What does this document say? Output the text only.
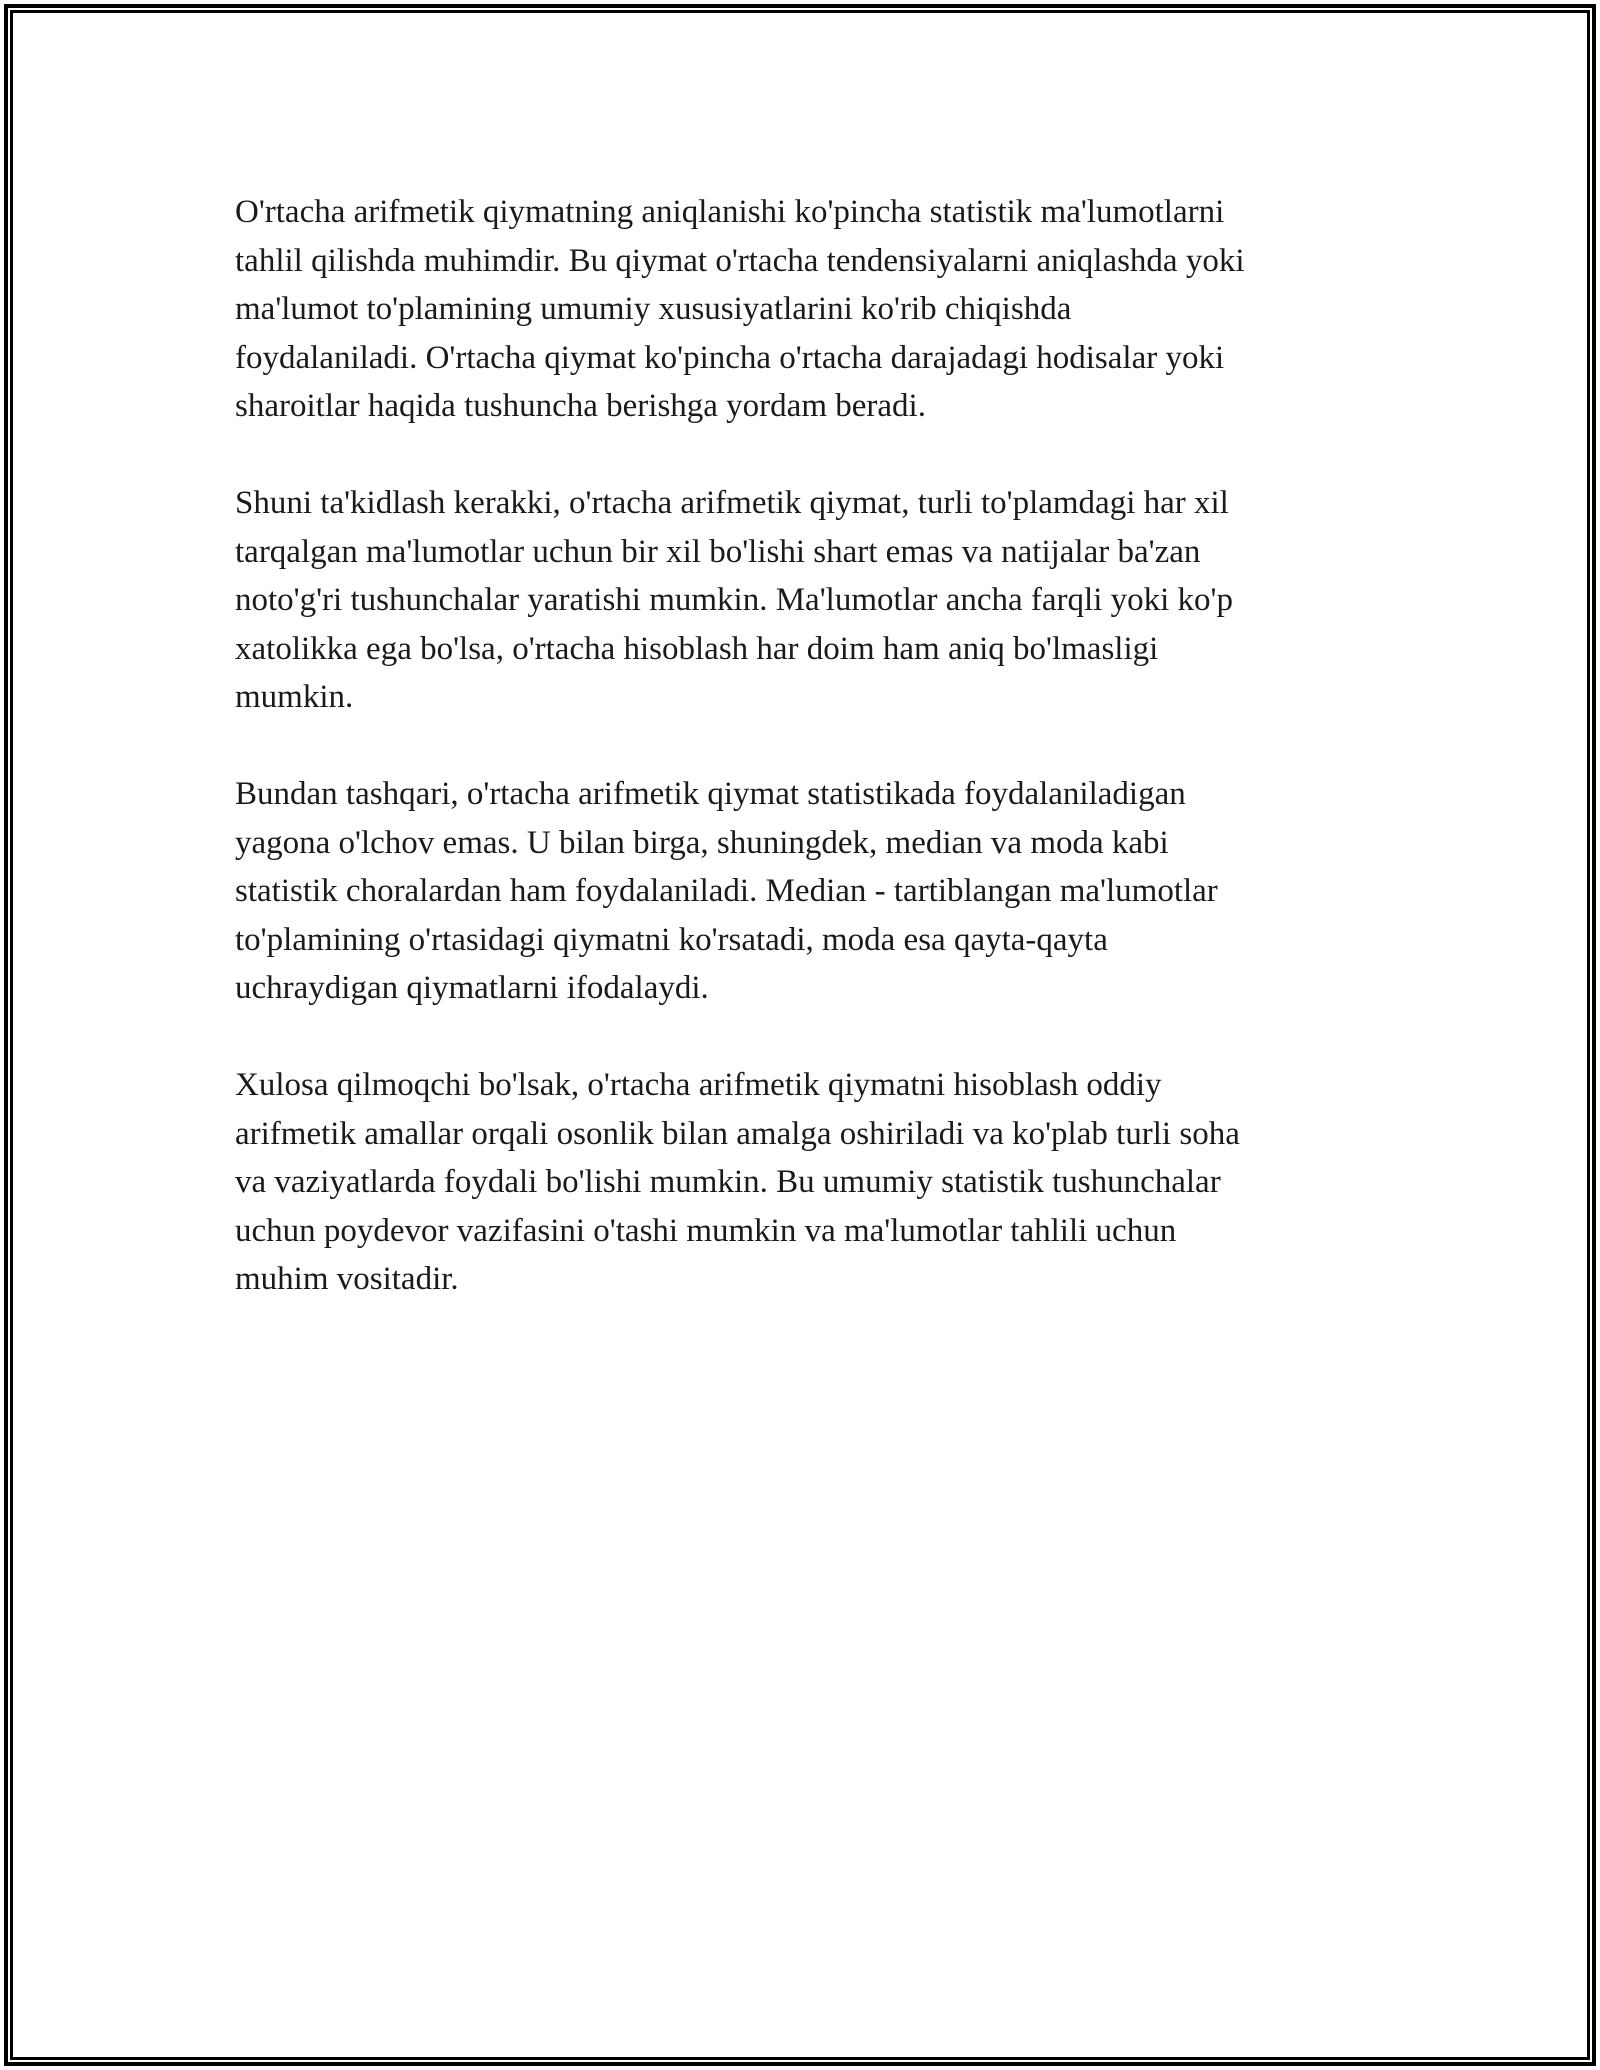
O'rtacha arifmetik qiymatning aniqlanishi ko'pincha statistik ma'lumotlarni
tahlil qilishda muhimdir. Bu qiymat o'rtacha tendensiyalarni aniqlashda yoki
ma'lumot to'plamining umumiy xususiyatlarini ko'rib chiqishda
foydalaniladi. O'rtacha qiymat ko'pincha o'rtacha darajadagi hodisalar yoki
sharoitlar haqida tushuncha berishga yordam beradi.

Shuni ta'kidlash kerakki, o'rtacha arifmetik qiymat, turli to'plamdagi har xil
tarqalgan ma'lumotlar uchun bir xil bo'lishi shart emas va natijalar ba'zan
noto'g'ri tushunchalar yaratishi mumkin. Ma'lumotlar ancha farqli yoki ko'p
xatolikka ega bo'lsa, o'rtacha hisoblash har doim ham aniq bo'lmasligi
mumkin.

Bundan tashqari, o'rtacha arifmetik qiymat statistikada foydalaniladigan
yagona o'lchov emas. U bilan birga, shuningdek, median va moda kabi
statistik choralardan ham foydalaniladi. Median - tartiblangan ma'lumotlar
to'plamining o'rtasidagi qiymatni ko'rsatadi, moda esa qayta-qayta
uchraydigan qiymatlarni ifodalaydi.

Xulosa qilmoqchi bo'lsak, o'rtacha arifmetik qiymatni hisoblash oddiy
arifmetik amallar orqali osonlik bilan amalga oshiriladi va ko'plab turli soha
va vaziyatlarda foydali bo'lishi mumkin. Bu umumiy statistik tushunchalar
uchun poydevor vazifasini o'tashi mumkin va ma'lumotlar tahlili uchun
muhim vositadir.
